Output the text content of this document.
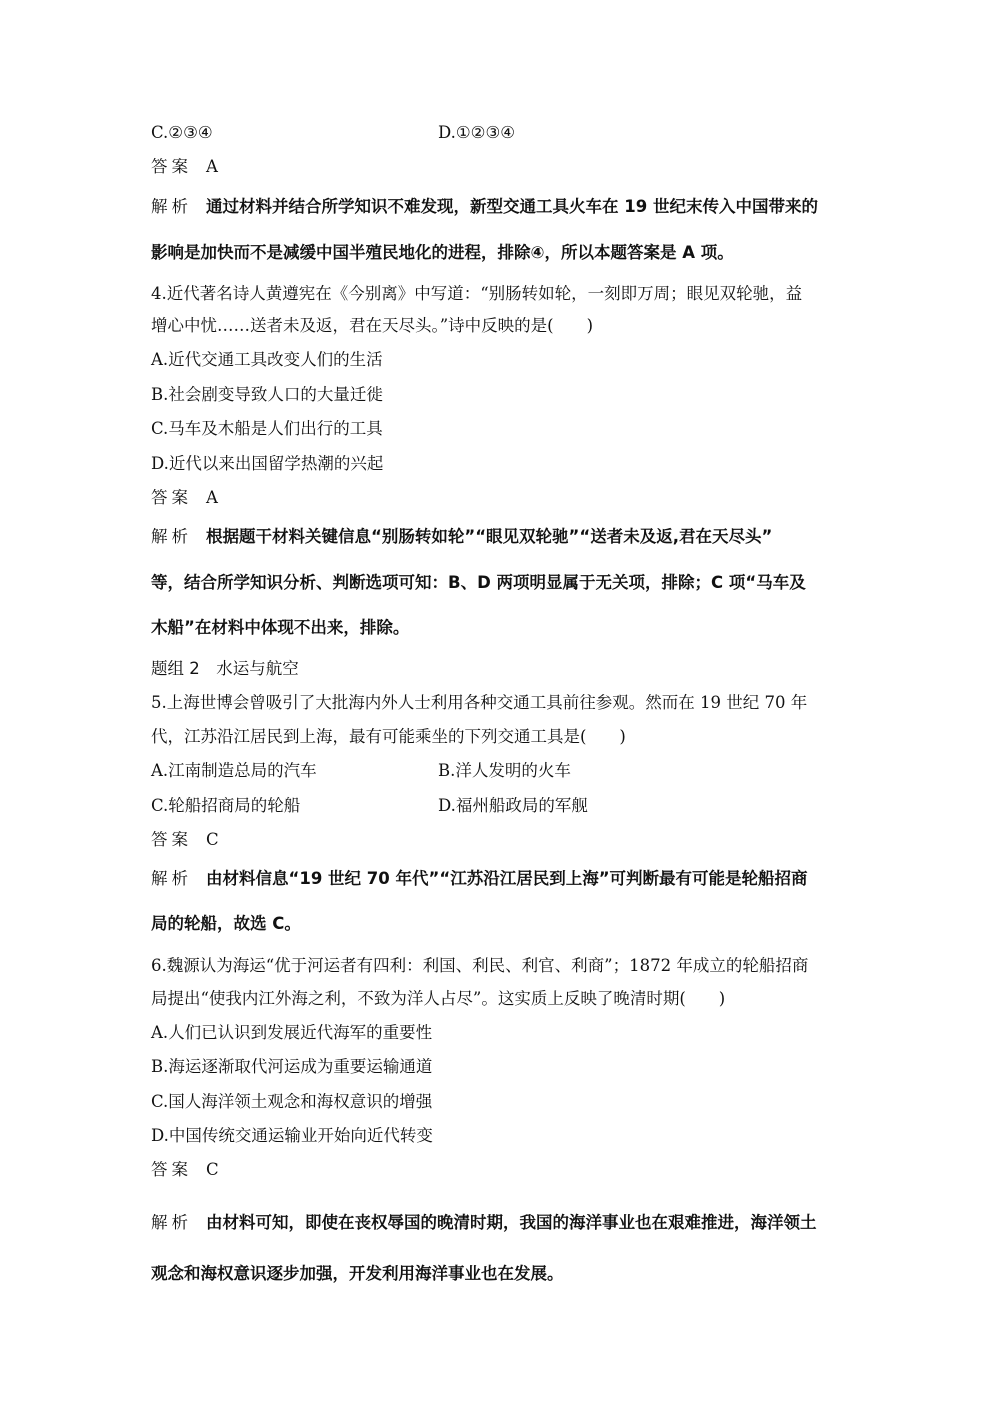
C.②③④	D.①②③④
答案 A
解析 通过材料并结合所学知识不难发现，新型交通工具火车在 19 世纪末传入中国带来的
影响是加快而不是减缓中国半殖民地化的进程，排除④，所以本题答案是 A 项。
4.近代著名诗人黄遵宪在《今别离》中写道：“别肠转如轮，一刻即万周；眼见双轮驰，益
增心中忧……送者未及返，君在天尽头。”诗中反映的是(　　)
A.近代交通工具改变人们的生活
B.社会剧变导致人口的大量迁徙
C.马车及木船是人们出行的工具
D.近代以来出国留学热潮的兴起
答案 A
解析 根据题干材料关键信息“别肠转如轮”“眼见双轮驰”“送者未及返,君在天尽头”
等，结合所学知识分析、判断选项可知：B、D 两项明显属于无关项，排除；C 项“马车及
木船”在材料中体现不出来，排除。
题组 2　水运与航空
5.上海世博会曾吸引了大批海内外人士利用各种交通工具前往参观。然而在 19 世纪 70 年
代，江苏沿江居民到上海，最有可能乘坐的下列交通工具是(　　)
A.江南制造总局的汽车	B.洋人发明的火车
C.轮船招商局的轮船	D.福州船政局的军舰
答案 C
解析 由材料信息“19 世纪 70 年代”“江苏沿江居民到上海”可判断最有可能是轮船招商
局的轮船，故选 C。
6.魏源认为海运“优于河运者有四利：利国、利民、利官、利商”；1872 年成立的轮船招商
局提出“使我内江外海之利，不致为洋人占尽”。这实质上反映了晚清时期(　　)
A.人们已认识到发展近代海军的重要性
B.海运逐渐取代河运成为重要运输通道
C.国人海洋领土观念和海权意识的增强
D.中国传统交通运输业开始向近代转变
答案 C
解析 由材料可知，即使在丧权辱国的晚清时期，我国的海洋事业也在艰难推进，海洋领土
观念和海权意识逐步加强，开发利用海洋事业也在发展。
